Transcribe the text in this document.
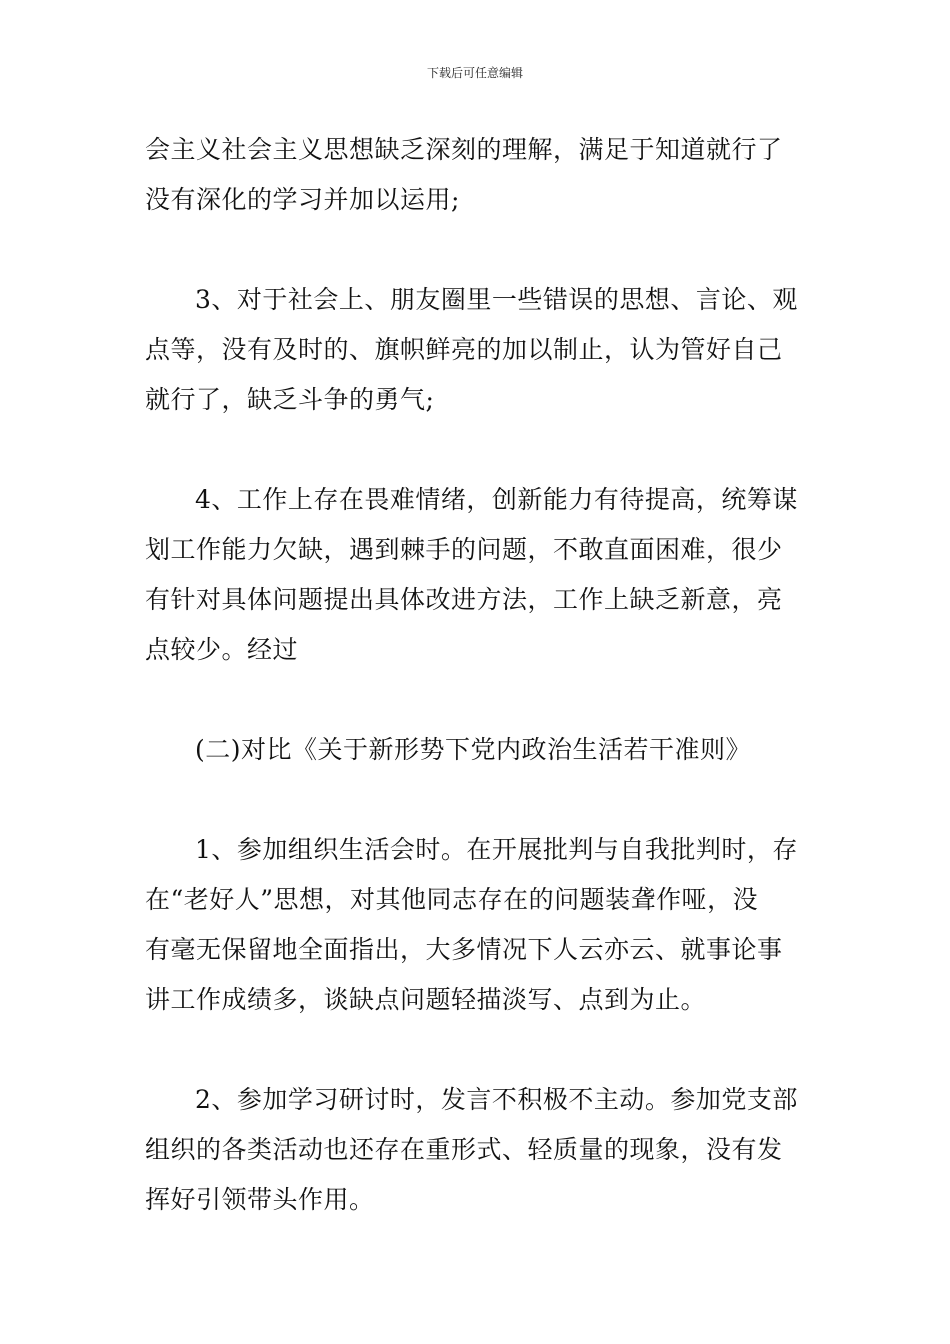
下载后可任意编辑
会主义社会主义思想缺乏深刻的理解，满足于知道就行了
没有深化的学习并加以运用;
3、对于社会上、朋友圈里一些错误的思想、言论、观
点等，没有及时的、旗帜鲜亮的加以制止，认为管好自己
就行了，缺乏斗争的勇气;
4、工作上存在畏难情绪，创新能力有待提高，统筹谋
划工作能力欠缺，遇到棘手的问题，不敢直面困难，很少
有针对具体问题提出具体改进方法，工作上缺乏新意，亮
点较少。经过
(二)对比《关于新形势下党内政治生活若干准则》
1、参加组织生活会时。在开展批判与自我批判时，存
在“老好人”思想，对其他同志存在的问题装聋作哑，没
有毫无保留地全面指出，大多情况下人云亦云、就事论事
讲工作成绩多，谈缺点问题轻描淡写、点到为止。
2、参加学习研讨时，发言不积极不主动。参加党支部
组织的各类活动也还存在重形式、轻质量的现象，没有发
挥好引领带头作用。
